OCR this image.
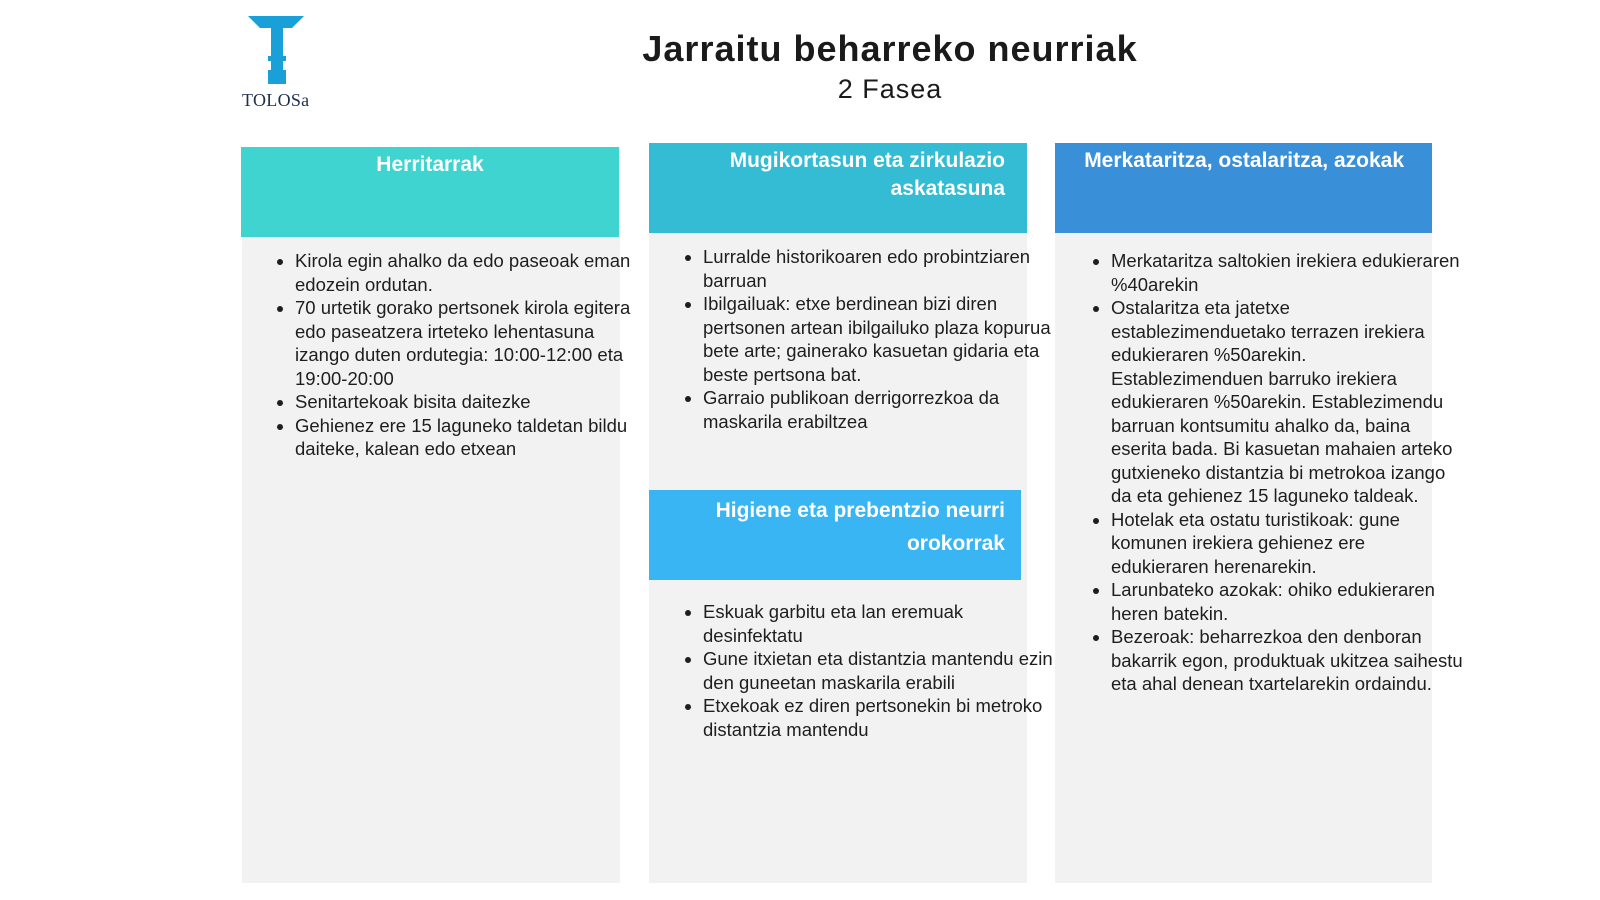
TOLOSa
Jarraitu beharreko neurriak
2 Fasea
Herritarrak
• Kirola egin ahalko da edo paseoak eman edozein ordutan.
• 70 urtetik gorako pertsonek kirola egitera edo paseatzera irteteko lehentasuna izango duten ordutegia: 10:00-12:00 eta 19:00-20:00
• Senitartekoak bisita daitezke
• Gehienez ere 15 laguneko taldetan bildu daiteke, kalean edo etxean
Mugikortasun eta zirkulazio askatasuna
• Lurralde historikoaren edo probintziaren barruan
• Ibilgailuak: etxe berdinean bizi diren pertsonen artean ibilgailuko plaza kopurua bete arte; gainerako kasuetan gidaria eta beste pertsona bat.
• Garraio publikoan derrigorrezkoa da maskarila erabiltzea
Higiene eta prebentzio neurri orokorrak
• Eskuak garbitu eta lan eremuak desinfektatu
• Gune itxietan eta distantzia mantendu ezin den guneetan maskarila erabili
• Etxekoak ez diren pertsonekin bi metroko distantzia mantendu
Merkataritza, ostalaritza, azokak
• Merkataritza saltokien irekiera edukieraren %40arekin
• Ostalaritza eta jatetxe establezimenduetako terrazen irekiera edukieraren %50arekin. Establezimenduen barruko irekiera edukieraren %50arekin. Establezimendu barruan kontsumitu ahalko da, baina eserita bada. Bi kasuetan mahaien arteko gutxieneko distantzia bi metrokoa izango da eta gehienez 15 laguneko taldeak.
• Hotelak eta ostatu turistikoak: gune komunen irekiera gehienez ere edukieraren herenarekin.
• Larunbateko azokak: ohiko edukieraren heren batekin.
• Bezeroak: beharrezkoa den denboran bakarrik egon, produktuak ukitzea saihestu eta ahal denean txartelarekin ordaindu.
